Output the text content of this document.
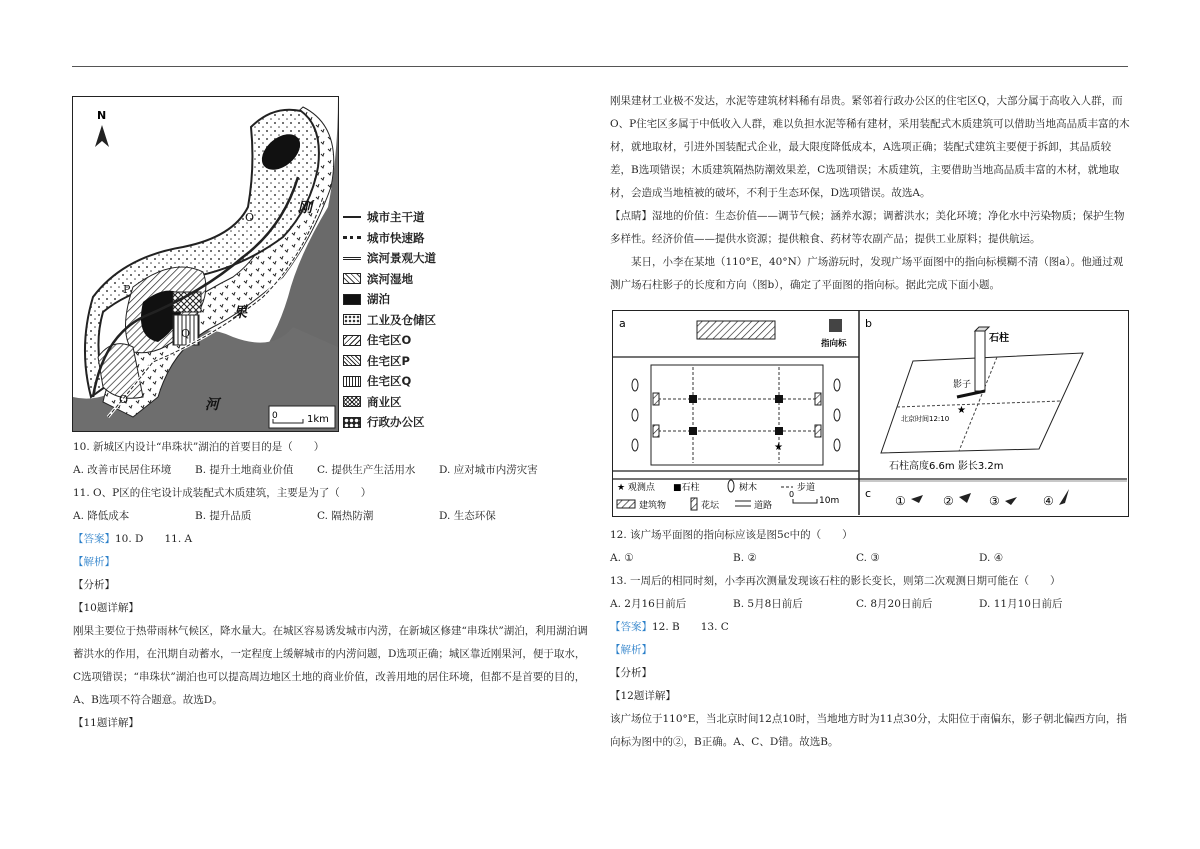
N
刚
果
河
P
Q
O
O
0	1km
城市主干道
城市快速路
滨河景观大道
滨河湿地
湖泊
工业及仓储区
住宅区O
住宅区P
住宅区Q
商业区
行政办公区

10. 新城区内设计“串珠状”湖泊的首要目的是（　　）

A. 改善市民居住环境	B. 提升土地商业价值	C. 提供生产生活用水	D. 应对城市内涝灾害

11. O、P区的住宅设计成装配式木质建筑，主要是为了（　　）

A. 降低成本	B. 提升品质	C. 隔热防潮	D. 生态环保

【答案】10. D　　11. A

【解析】

【分析】

【10题详解】

刚果主要位于热带雨林气候区，降水量大。在城区容易诱发城市内涝，在新城区修建“串珠状”湖泊，利用湖泊调蓄洪水的作用，在汛期自动蓄水，一定程度上缓解城市的内涝问题，D选项正确；城区靠近刚果河，便于取水，C选项错误；“串珠状”湖泊也可以提高周边地区土地的商业价值，改善用地的居住环境，但都不是首要的目的，A、B选项不符合题意。故选D。

【11题详解】

刚果建材工业极不发达，水泥等建筑材料稀有昂贵。紧邻着行政办公区的住宅区Q，大部分属于高收入人群，而O、P住宅区多属于中低收入人群，难以负担水泥等稀有建材，采用装配式木质建筑可以借助当地高品质丰富的木材，就地取材，引进外国装配式企业，最大限度降低成本，A选项正确；装配式建筑主要便于拆卸，其品质较差，B选项错误；木质建筑隔热防潮效果差，C选项错误；木质建筑，主要借助当地高品质丰富的木材，就地取材，会造成当地植被的破坏，不利于生态环保，D选项错误。故选A。

【点睛】湿地的价值：生态价值——调节气候；涵养水源；调蓄洪水；美化环境；净化水中污染物质；保护生物多样性。经济价值——提供水资源；提供粮食、药材等农副产品；提供工业原料；提供航运。

某日，小李在某地（110°E，40°N）广场游玩时，发现广场平面图中的指向标模糊不清（图a）。他通过观测广场石柱影子的长度和方向（图b），确定了平面图的指向标。据此完成下面小题。

a
指向标
★
★ 观测点 ■石柱	树木	步道
建筑物	花坛	道路
0
10m
b
石柱
影子
★
北京时间12:10
石柱高度6.6m 影长3.2m
c
①	②	③	④

12. 该广场平面图的指向标应该是图5c中的（　　）

A. ①	B. ②	C. ③	D. ④

13. 一周后的相同时刻，小李再次测量发现该石柱的影长变长，则第二次观测日期可能在（　　）

A. 2月16日前后	B. 5月8日前后	C. 8月20日前后	D. 11月10日前后

【答案】12. B　　13. C

【解析】

【分析】

【12题详解】

该广场位于110°E，当北京时间12点10时，当地地方时为11点30分，太阳位于南偏东，影子朝北偏西方向，指向标为图中的②，B正确。A、C、D错。故选B。
